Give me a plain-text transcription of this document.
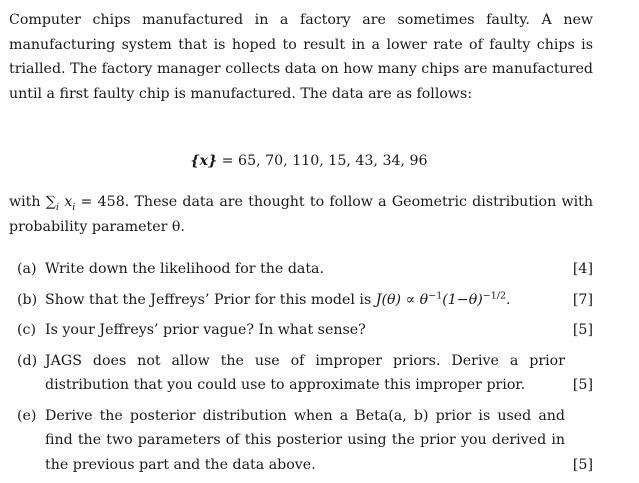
Computer chips manufactured in a factory are sometimes faulty. A new manufacturing system that is hoped to result in a lower rate of faulty chips is trialled. The factory manager collects data on how many chips are manufactured until a first faulty chip is manufactured. The data are as follows:

{x} = 65, 70, 110, 15, 43, 34, 96

with $\sum_i$ $x_i = 458$. These data are thought to follow a Geometric distribution with probability parameter θ.

(a) Write down the likelihood for the data.	[4]
(b) Show that the Jeffreys’ Prior for this model is $J(\theta) \propto \theta^{-1}(1-\theta)^{-1/2}$.	[7]
(c) Is your Jeffreys’ prior vague? In what sense?	[5]
(d) JAGS does not allow the use of improper priors. Derive a prior distribution that you could use to approximate this improper prior.	[5]
(e) Derive the posterior distribution when a Beta(a, b) prior is used and find the two parameters of this posterior using the prior you derived in the previous part and the data above.	[5]
